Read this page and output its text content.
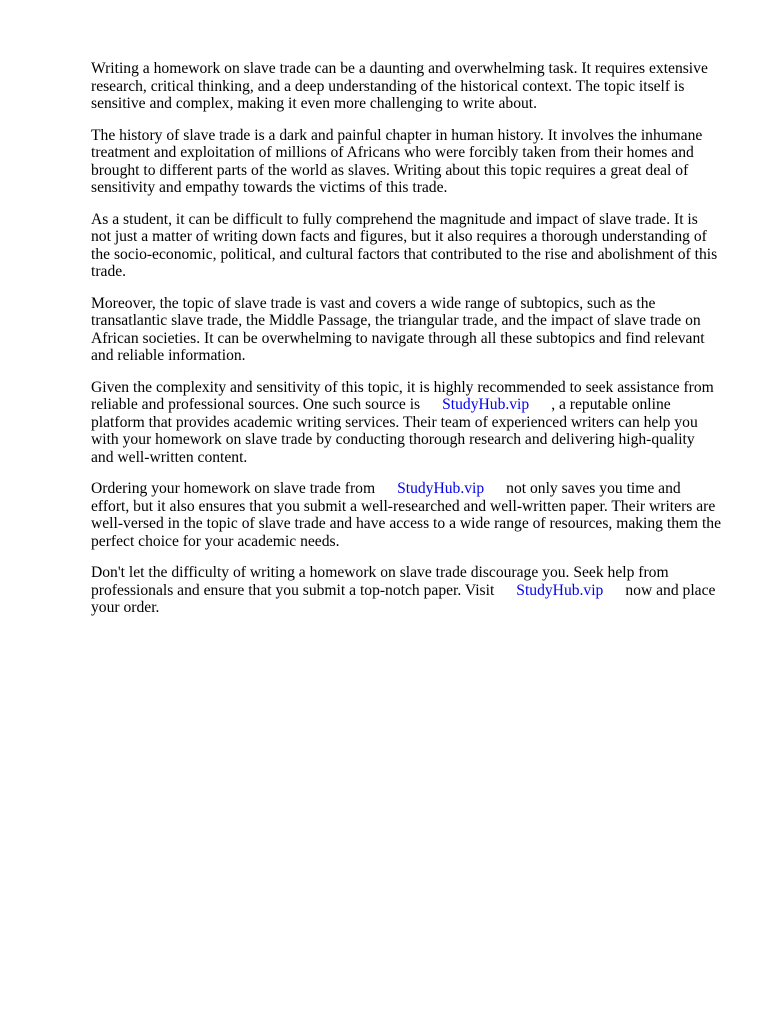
Writing a homework on slave trade can be a daunting and overwhelming task. It requires extensive research, critical thinking, and a deep understanding of the historical context. The topic itself is sensitive and complex, making it even more challenging to write about.

The history of slave trade is a dark and painful chapter in human history. It involves the inhumane treatment and exploitation of millions of Africans who were forcibly taken from their homes and brought to different parts of the world as slaves. Writing about this topic requires a great deal of sensitivity and empathy towards the victims of this trade.

As a student, it can be difficult to fully comprehend the magnitude and impact of slave trade. It is not just a matter of writing down facts and figures, but it also requires a thorough understanding of the socio-economic, political, and cultural factors that contributed to the rise and abolishment of this trade.

Moreover, the topic of slave trade is vast and covers a wide range of subtopics, such as the transatlantic slave trade, the Middle Passage, the triangular trade, and the impact of slave trade on African societies. It can be overwhelming to navigate through all these subtopics and find relevant and reliable information.

Given the complexity and sensitivity of this topic, it is highly recommended to seek assistance from reliable and professional sources. One such source is StudyHub.vip , a reputable online platform that provides academic writing services. Their team of experienced writers can help you with your homework on slave trade by conducting thorough research and delivering high-quality and well-written content.

Ordering your homework on slave trade from StudyHub.vip not only saves you time and effort, but it also ensures that you submit a well-researched and well-written paper. Their writers are well-versed in the topic of slave trade and have access to a wide range of resources, making them the perfect choice for your academic needs.

Don't let the difficulty of writing a homework on slave trade discourage you. Seek help from professionals and ensure that you submit a top-notch paper. Visit StudyHub.vip now and place your order.
